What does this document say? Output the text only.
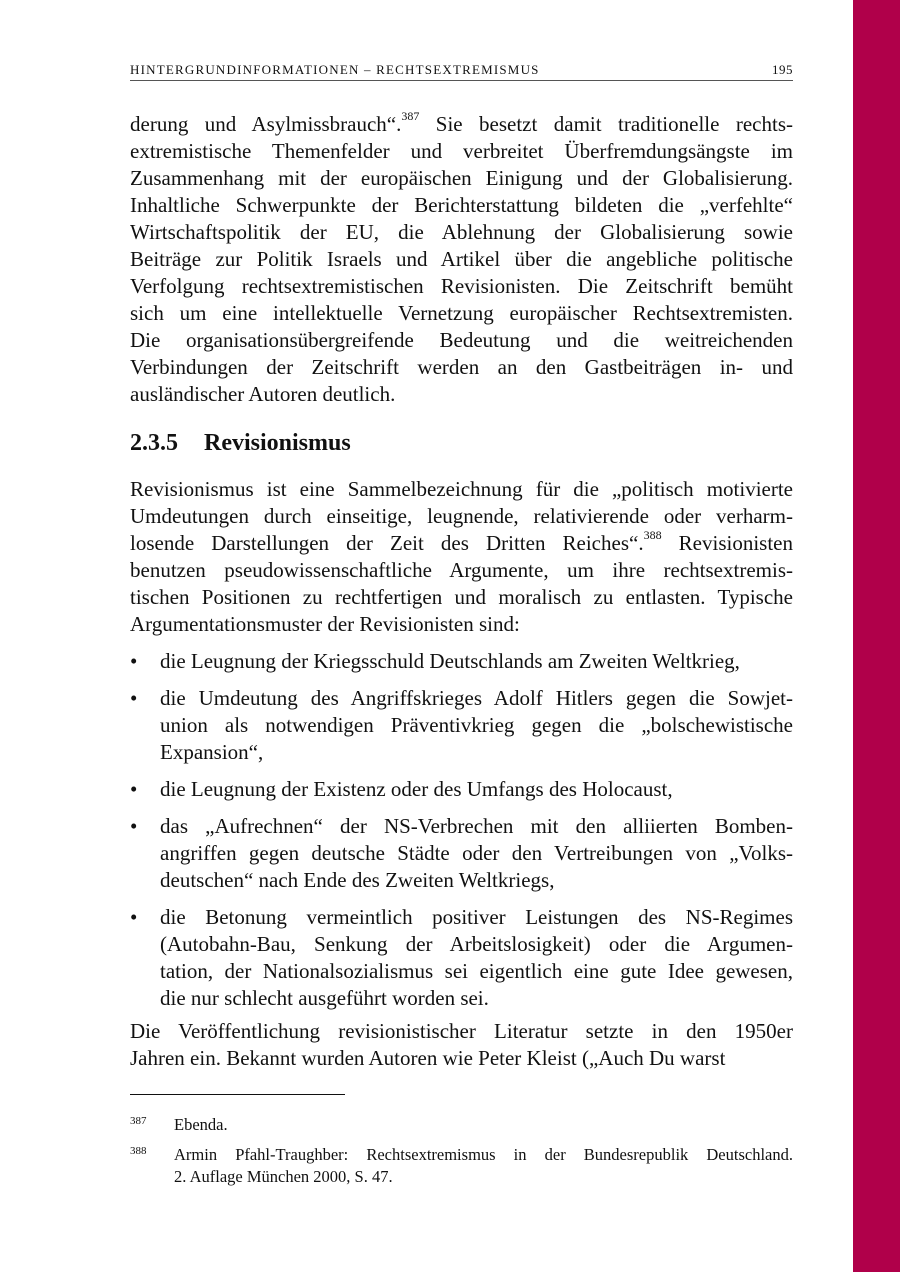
HINTERGRUNDINFORMATIONEN – RECHTSEXTREMISMUS	195
derung und Asylmissbrauch“.$^{387}$ Sie besetzt damit traditionelle rechts-
extremistische Themenfelder und verbreitet Überfremdungsängste im
Zusammenhang mit der europäischen Einigung und der Globalisierung.
Inhaltliche Schwerpunkte der Berichterstattung bildeten die „verfehlte“
Wirtschaftspolitik der EU, die Ablehnung der Globalisierung sowie
Beiträge zur Politik Israels und Artikel über die angebliche politische
Verfolgung rechtsextremistischen Revisionisten. Die Zeitschrift bemüht
sich um eine intellektuelle Vernetzung europäischer Rechtsextremisten.
Die organisationsübergreifende Bedeutung und die weitreichenden
Verbindungen der Zeitschrift werden an den Gastbeiträgen in- und
ausländischer Autoren deutlich.
2.3.5 Revisionismus
Revisionismus ist eine Sammelbezeichnung für die „politisch motivierte
Umdeutungen durch einseitige, leugnende, relativierende oder verharm-
losende Darstellungen der Zeit des Dritten Reiches“.$^{388}$ Revisionisten
benutzen pseudowissenschaftliche Argumente, um ihre rechtsextremis-
tischen Positionen zu rechtfertigen und moralisch zu entlasten. Typische
Argumentationsmuster der Revisionisten sind:
• die Leugnung der Kriegsschuld Deutschlands am Zweiten Weltkrieg,
• die Umdeutung des Angriffskrieges Adolf Hitlers gegen die Sowjet-
union als notwendigen Präventivkrieg gegen die „bolschewistische
Expansion“,
• die Leugnung der Existenz oder des Umfangs des Holocaust,
• das „Aufrechnen“ der NS-Verbrechen mit den alliierten Bomben-
angriffen gegen deutsche Städte oder den Vertreibungen von „Volks-
deutschen“ nach Ende des Zweiten Weltkriegs,
• die Betonung vermeintlich positiver Leistungen des NS-Regimes
(Autobahn-Bau, Senkung der Arbeitslosigkeit) oder die Argumen-
tation, der Nationalsozialismus sei eigentlich eine gute Idee gewesen,
die nur schlecht ausgeführt worden sei.
Die Veröffentlichung revisionistischer Literatur setzte in den 1950er
Jahren ein. Bekannt wurden Autoren wie Peter Kleist („Auch Du warst
387 Ebenda.
388 Armin Pfahl-Traughber: Rechtsextremismus in der Bundesrepublik Deutschland.
2. Auflage München 2000, S. 47.
